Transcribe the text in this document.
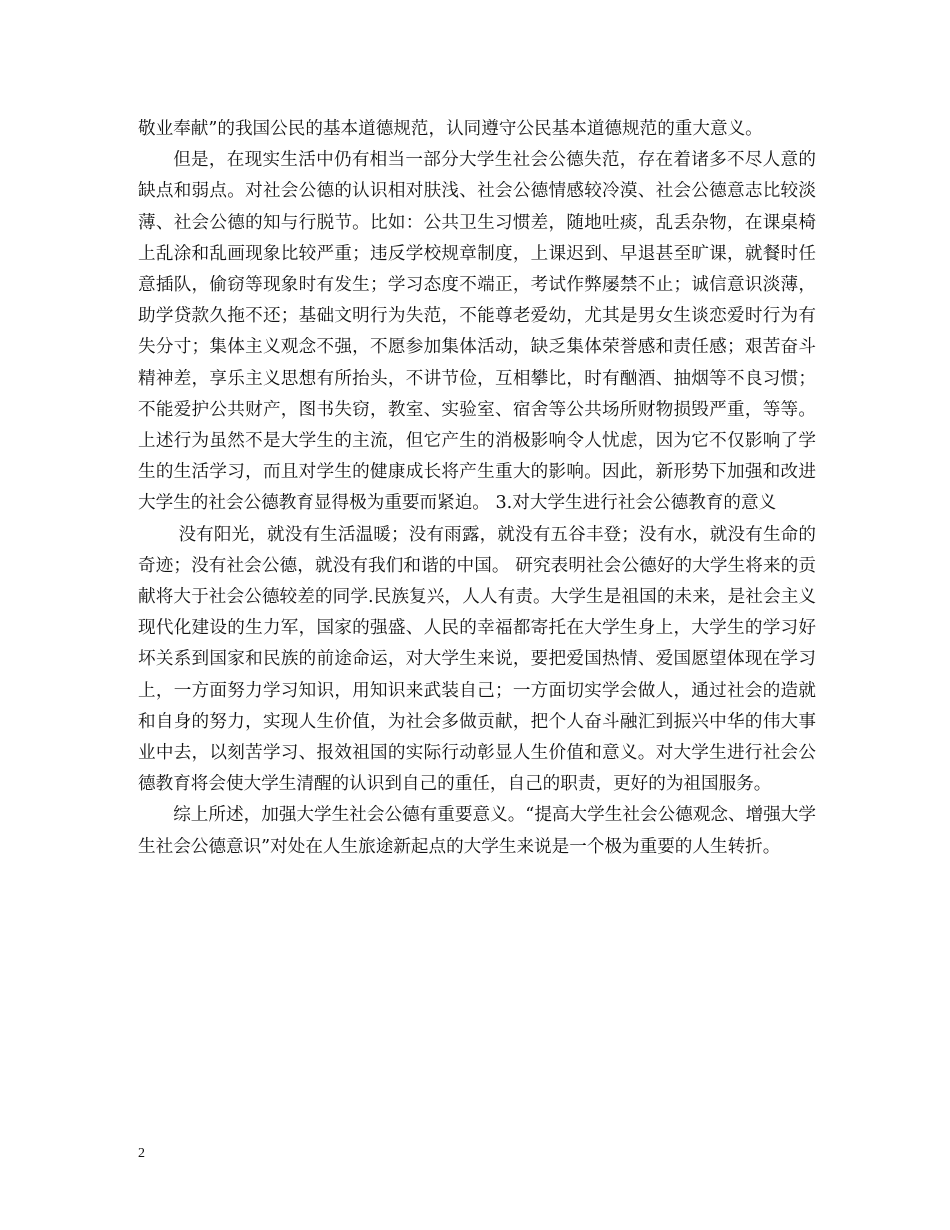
敬业奉献”的我国公民的基本道德规范，认同遵守公民基本道德规范的重大意义。

但是，在现实生活中仍有相当一部分大学生社会公德失范，存在着诸多不尽人意的缺点和弱点。对社会公德的认识相对肤浅、社会公德情感较冷漠、社会公德意志比较淡薄、社会公德的知与行脱节。比如：公共卫生习惯差，随地吐痰，乱丢杂物，在课桌椅上乱涂和乱画现象比较严重；违反学校规章制度，上课迟到、早退甚至旷课，就餐时任意插队，偷窃等现象时有发生；学习态度不端正，考试作弊屡禁不止；诚信意识淡薄，助学贷款久拖不还；基础文明行为失范，不能尊老爱幼，尤其是男女生谈恋爱时行为有失分寸；集体主义观念不强，不愿参加集体活动，缺乏集体荣誉感和责任感；艰苦奋斗精神差，享乐主义思想有所抬头，不讲节俭，互相攀比，时有酗酒、抽烟等不良习惯；不能爱护公共财产，图书失窃，教室、实验室、宿舍等公共场所财物损毁严重，等等。上述行为虽然不是大学生的主流，但它产生的消极影响令人忧虑，因为它不仅影响了学生的生活学习，而且对学生的健康成长将产生重大的影响。因此，新形势下加强和改进大学生的社会公德教育显得极为重要而紧迫。 3.对大学生进行社会公德教育的意义

没有阳光，就没有生活温暖；没有雨露，就没有五谷丰登；没有水，就没有生命的奇迹；没有社会公德，就没有我们和谐的中国。 研究表明社会公德好的大学生将来的贡献将大于社会公德较差的同学.民族复兴，人人有责。大学生是祖国的未来，是社会主义现代化建设的生力军，国家的强盛、人民的幸福都寄托在大学生身上，大学生的学习好坏关系到国家和民族的前途命运，对大学生来说，要把爱国热情、爱国愿望体现在学习上，一方面努力学习知识，用知识来武装自己；一方面切实学会做人，通过社会的造就和自身的努力，实现人生价值，为社会多做贡献，把个人奋斗融汇到振兴中华的伟大事业中去，以刻苦学习、报效祖国的实际行动彰显人生价值和意义。对大学生进行社会公德教育将会使大学生清醒的认识到自己的重任，自己的职责，更好的为祖国服务。

综上所述，加强大学生社会公德有重要意义。“提高大学生社会公德观念、增强大学生社会公德意识”对处在人生旅途新起点的大学生来说是一个极为重要的人生转折。

2
